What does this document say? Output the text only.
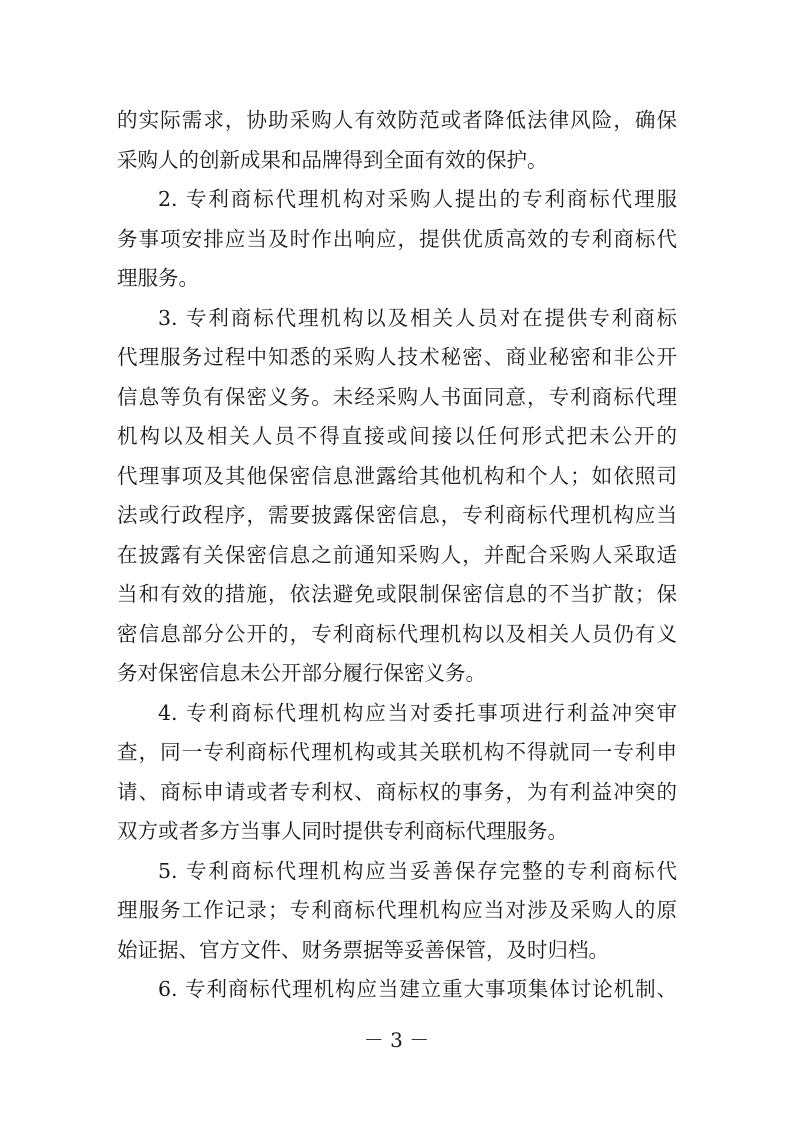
的实际需求，协助采购人有效防范或者降低法律风险，确保
采购人的创新成果和品牌得到全面有效的保护。

2. 专利商标代理机构对采购人提出的专利商标代理服
务事项安排应当及时作出响应，提供优质高效的专利商标代
理服务。

3. 专利商标代理机构以及相关人员对在提供专利商标
代理服务过程中知悉的采购人技术秘密、商业秘密和非公开
信息等负有保密义务。未经采购人书面同意，专利商标代理
机构以及相关人员不得直接或间接以任何形式把未公开的
代理事项及其他保密信息泄露给其他机构和个人；如依照司
法或行政程序，需要披露保密信息，专利商标代理机构应当
在披露有关保密信息之前通知采购人，并配合采购人采取适
当和有效的措施，依法避免或限制保密信息的不当扩散；保
密信息部分公开的，专利商标代理机构以及相关人员仍有义
务对保密信息未公开部分履行保密义务。

4. 专利商标代理机构应当对委托事项进行利益冲突审
查，同一专利商标代理机构或其关联机构不得就同一专利申
请、商标申请或者专利权、商标权的事务，为有利益冲突的
双方或者多方当事人同时提供专利商标代理服务。

5. 专利商标代理机构应当妥善保存完整的专利商标代
理服务工作记录；专利商标代理机构应当对涉及采购人的原
始证据、官方文件、财务票据等妥善保管，及时归档。

6. 专利商标代理机构应当建立重大事项集体讨论机制、

－ 3 －
